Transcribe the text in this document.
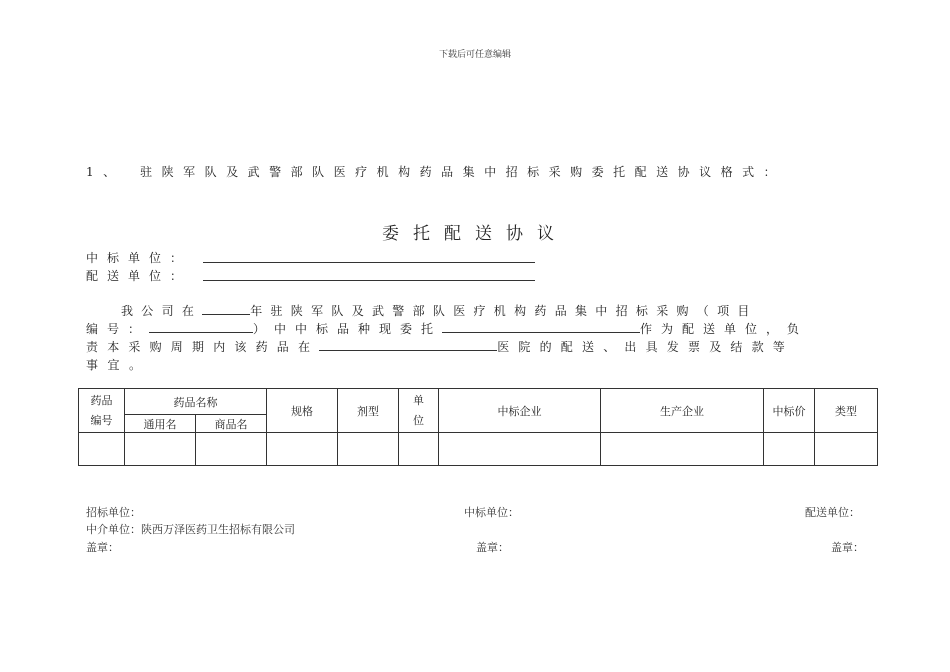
下载后可任意编辑
1、　驻陕军队及武警部队医疗机构药品集中招标采购委托配送协议格式：
委托配送协议
中标单位：
配送单位：
我公司在	年驻陕军队及武警部队医疗机构药品集中招标采购（项目
编号：	）中中标品种现委托	作为配送单位，负
责本采购周期内该药品在	医院的配送、出具发票及结款等
事宜。
药品编号	药品名称		规格	剂型	单位	中标企业	生产企业	中标价	类型
	通用名	商品名							

招标单位：	中标单位：	配送单位：
中介单位：陕西万泽医药卫生招标有限公司
盖章：	盖章：	盖章：
